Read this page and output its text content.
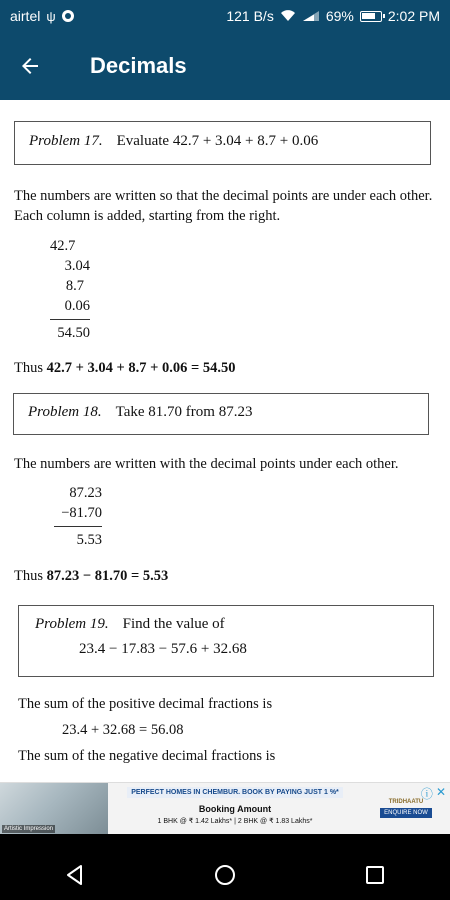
airtel ψ	121 B/s	69% 2:02 PM
Decimals
Problem 17. Evaluate 42.7 + 3.04 + 8.7 + 0.06
The numbers are written so that the decimal points are under each other. Each column is added, starting from the right.
42.7
3.04
8.7
0.06
54.50
Thus 42.7 + 3.04 + 8.7 + 0.06 = 54.50
Problem 18. Take 81.70 from 87.23
The numbers are written with the decimal points under each other.
87.23
−81.70
5.53
Thus 87.23 − 81.70 = 5.53
Problem 19. Find the value of
23.4 − 17.83 − 57.6 + 32.68
The sum of the positive decimal fractions is
23.4 + 32.68 = 56.08
The sum of the negative decimal fractions is
Artistic Impression
PERFECT HOMES IN CHEMBUR. BOOK BY PAYING JUST 1 %*
Booking Amount
1 BHK @ ₹ 1.42 Lakhs* | 2 BHK @ ₹ 1.83 Lakhs*
TRIDHAATU
ENQUIRE NOW
ⓘ ✕
